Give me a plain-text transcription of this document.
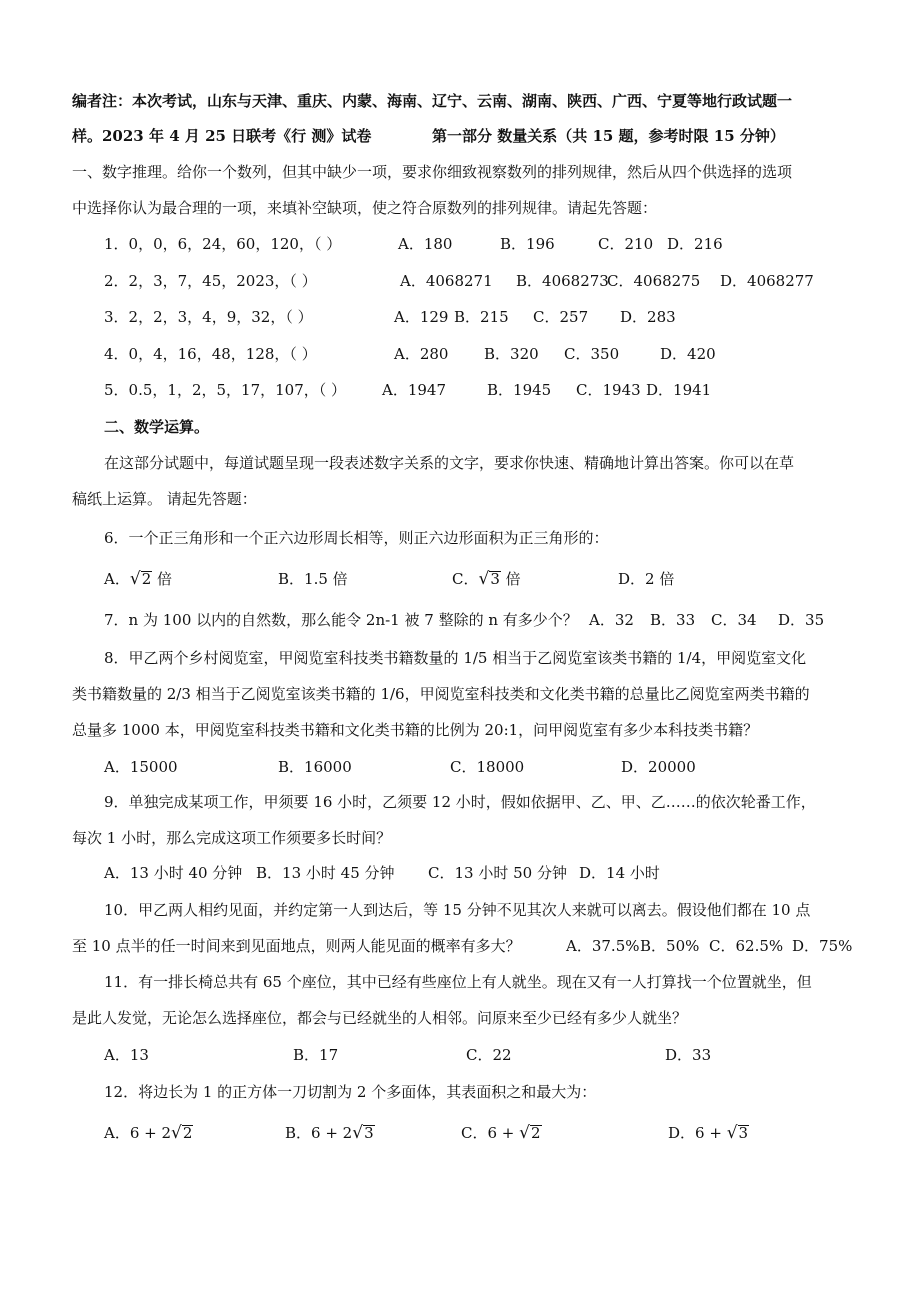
编者注：本次考试，山东与天津、重庆、内蒙、海南、辽宁、云南、湖南、陕西、广西、宁夏等地行政试题一
样。2023 年 4 月 25 日联考《行 测》试卷	第一部分 数量关系（共 15 题，参考时限 15 分钟）
一、数字推理。给你一个数列，但其中缺少一项，要求你细致视察数列的排列规律，然后从四个供选择的选项
中选择你认为最合理的一项，来填补空缺项，使之符合原数列的排列规律。请起先答题：
1．0，0，6，24，60，120，（ ）	A．180	B．196	C．210 D．216
2．2，3，7，45，2023，（ ）	A．4068271 B．4068273
C．4068275 D．4068277
3．2，2，3，4，9，32，（ ）	A．129 B．215 C．257 D．283
4．0，4，16，48，128，（ ）	A．280 B．320 C．350	D．420
5．0.5，1，2，5，17，107，（ ） A．1947	B．1945 C．1943 D．1941
二、数学运算。
在这部分试题中，每道试题呈现一段表述数字关系的文字，要求你快速、精确地计算出答案。你可以在草
稿纸上运算。 请起先答题：
6．一个正三角形和一个正六边形周长相等，则正六边形面积为正三角形的：
A．√2 倍	B．1.5 倍	C．√3 倍	D．2 倍
7．n 为 100 以内的自然数，那么能令 2n-1 被 7 整除的 n 有多少个？ A．32 B．33 C．34 D．35
8．甲乙两个乡村阅览室，甲阅览室科技类书籍数量的 1/5 相当于乙阅览室该类书籍的 1/4，甲阅览室文化
类书籍数量的 2/3 相当于乙阅览室该类书籍的 1/6，甲阅览室科技类和文化类书籍的总量比乙阅览室两类书籍的
总量多 1000 本，甲阅览室科技类书籍和文化类书籍的比例为 20:1，问甲阅览室有多少本科技类书籍？
A．15000	B．16000	C．18000	D．20000
9．单独完成某项工作，甲须要 16 小时，乙须要 12 小时，假如依据甲、乙、甲、乙……的依次轮番工作，
每次 1 小时，那么完成这项工作须要多长时间？
A．13 小时 40 分钟 B．13 小时 45 分钟 C．13 小时 50 分钟 D．14 小时
10．甲乙两人相约见面，并约定第一人到达后，等 15 分钟不见其次人来就可以离去。假设他们都在 10 点
至 10 点半的任一时间来到见面地点，则两人能见面的概率有多大？	A．37.5% B．50% C．62.5% D．75%
11．有一排长椅总共有 65 个座位，其中已经有些座位上有人就坐。现在又有一人打算找一个位置就坐，但
是此人发觉，无论怎么选择座位，都会与已经就坐的人相邻。问原来至少已经有多少人就坐？
A．13	B．17	C．22	D．33
12．将边长为 1 的正方体一刀切割为 2 个多面体，其表面积之和最大为：
A．6 + 2√2	B．6 + 2√3	C．6 + √2	D．6 + √3
